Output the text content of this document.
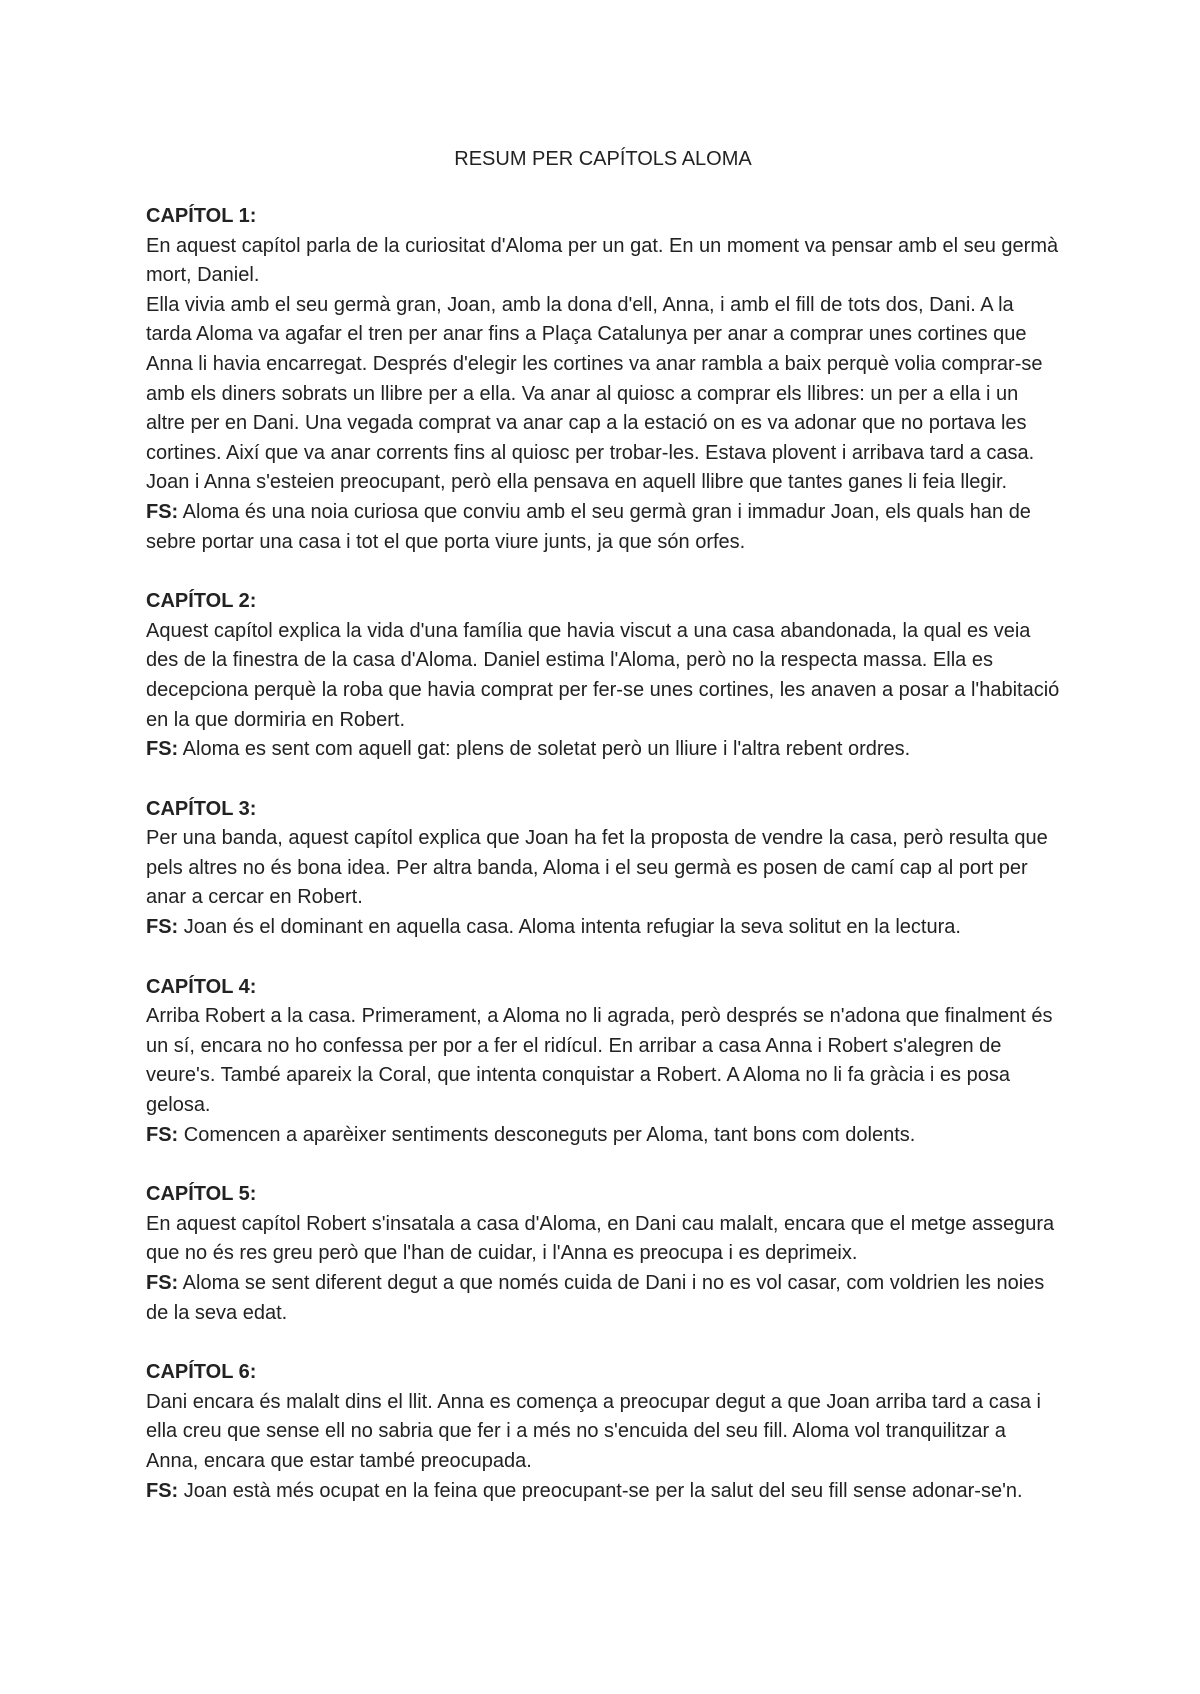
RESUM PER CAPÍTOLS ALOMA

CAPÍTOL 1:

En aquest capítol parla de la curiositat d'Aloma per un gat. En un moment va pensar amb el seu germà mort, Daniel.

Ella vivia amb el seu germà gran, Joan, amb la dona d'ell, Anna, i amb el fill de tots dos, Dani. A la tarda Aloma va agafar el tren per anar fins a Plaça Catalunya per anar a comprar unes cortines que Anna li havia encarregat. Després d'elegir les cortines va anar rambla a baix perquè volia comprar-se amb els diners sobrats un llibre per a ella. Va anar al quiosc a comprar els llibres: un per a ella i un altre per en Dani. Una vegada comprat va anar cap a la estació on es va adonar que no portava les cortines. Així que va anar corrents fins al quiosc per trobar-les. Estava plovent i arribava tard a casa. Joan i Anna s'esteien preocupant, però ella pensava en aquell llibre que tantes ganes li feia llegir.

FS: Aloma és una noia curiosa que conviu amb el seu germà gran i immadur Joan, els quals han de sebre portar una casa i tot el que porta viure junts, ja que són orfes.

CAPÍTOL 2:

Aquest capítol explica la vida d'una família que havia viscut a una casa abandonada, la qual es veia des de la finestra de la casa d'Aloma. Daniel estima l'Aloma, però no la respecta massa. Ella es decepciona perquè la roba que havia comprat per fer-se unes cortines, les anaven a posar a l'habitació en la que dormiria en Robert.

FS: Aloma es sent com aquell gat: plens de soletat però un lliure i l'altra rebent ordres.

CAPÍTOL 3:

Per una banda, aquest capítol explica que Joan ha fet la proposta de vendre la casa, però resulta que pels altres no és bona idea. Per altra banda, Aloma i el seu germà es posen de camí cap al port per anar a cercar en Robert.

FS: Joan és el dominant en aquella casa. Aloma intenta refugiar la seva solitut en la lectura.

CAPÍTOL 4:

Arriba Robert a la casa. Primerament, a Aloma no li agrada, però després se n'adona que finalment és un sí, encara no ho confessa per por a fer el ridícul. En arribar a casa Anna i Robert s'alegren de veure's. També apareix la Coral, que intenta conquistar a Robert. A Aloma no li fa gràcia i es posa gelosa.

FS: Comencen a aparèixer sentiments desconeguts per Aloma, tant bons com dolents.

CAPÍTOL 5:

En aquest capítol Robert s'insatala a casa d'Aloma, en Dani cau malalt, encara que el metge assegura que no és res greu però que l'han de cuidar, i l'Anna es preocupa i es deprimeix.

FS: Aloma se sent diferent degut a que només cuida de Dani i no es vol casar, com voldrien les noies de la seva edat.

CAPÍTOL 6:

Dani encara és malalt dins el llit. Anna es comença a preocupar degut a que Joan arriba tard a casa i ella creu que sense ell no sabria que fer i a més no s'encuida del seu fill. Aloma vol tranquilitzar a Anna, encara que estar també preocupada.

FS: Joan està més ocupat en la feina que preocupant-se per la salut del seu fill sense adonar-se'n.
